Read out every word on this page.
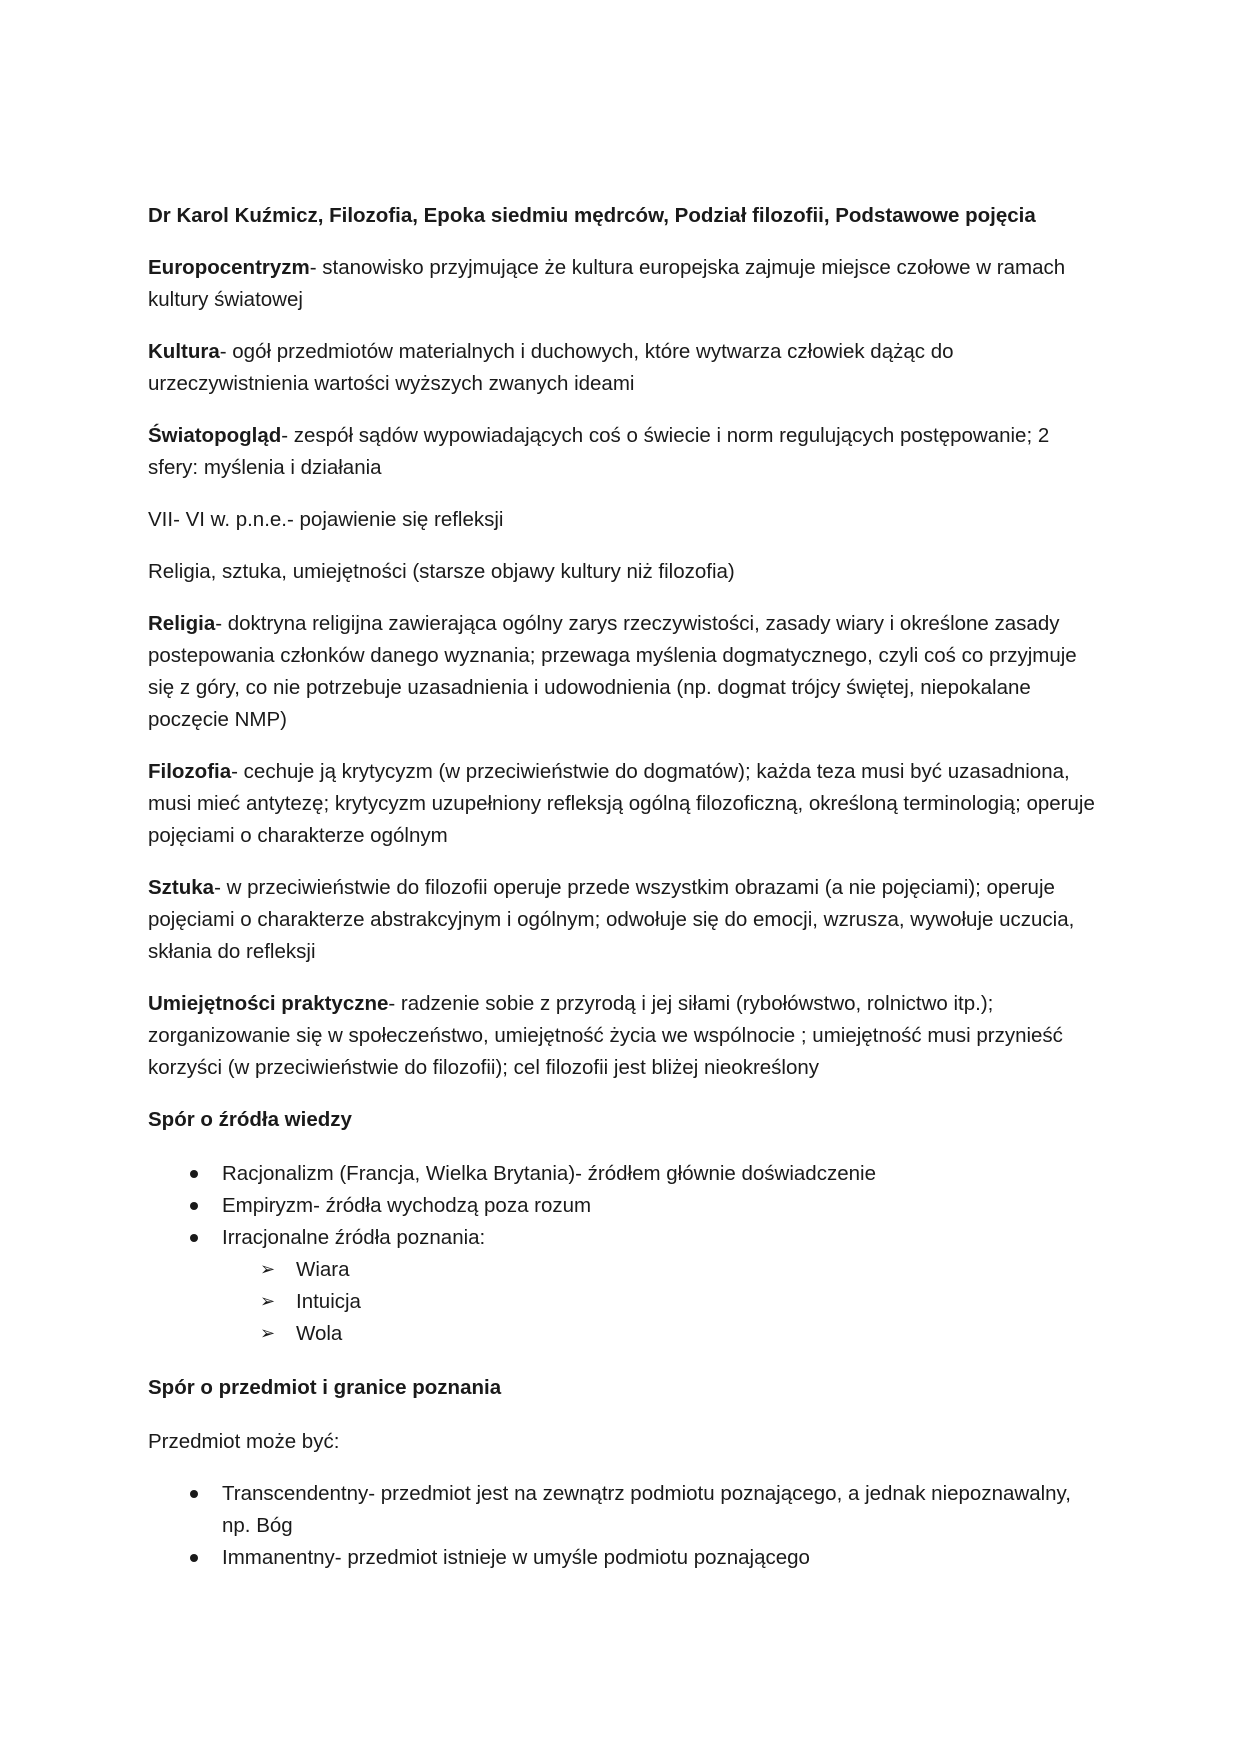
Dr Karol Kuźmicz, Filozofia, Epoka siedmiu mędrców, Podział filozofii, Podstawowe pojęcia

Europocentryzm- stanowisko przyjmujące że kultura europejska zajmuje miejsce czołowe w ramach kultury światowej

Kultura- ogół przedmiotów materialnych i duchowych, które wytwarza człowiek dążąc do urzeczywistnienia wartości wyższych zwanych ideami

Światopogląd- zespół sądów wypowiadających coś o świecie i norm regulujących postępowanie; 2 sfery: myślenia i działania

VII- VI w. p.n.e.- pojawienie się refleksji

Religia, sztuka, umiejętności (starsze objawy kultury niż filozofia)

Religia- doktryna religijna zawierająca ogólny zarys rzeczywistości, zasady wiary i określone zasady postepowania członków danego wyznania; przewaga myślenia dogmatycznego, czyli coś co przyjmuje się z góry, co nie potrzebuje uzasadnienia i udowodnienia (np. dogmat trójcy świętej, niepokalane poczęcie NMP)

Filozofia- cechuje ją krytycyzm (w przeciwieństwie do dogmatów); każda teza musi być uzasadniona, musi mieć antytezę; krytycyzm uzupełniony refleksją ogólną filozoficzną, określoną terminologią; operuje pojęciami o charakterze ogólnym

Sztuka- w przeciwieństwie do filozofii operuje przede wszystkim obrazami (a nie pojęciami); operuje pojęciami o charakterze abstrakcyjnym i ogólnym; odwołuje się do emocji, wzrusza, wywołuje uczucia, skłania do refleksji

Umiejętności praktyczne- radzenie sobie z przyrodą i jej siłami (rybołówstwo, rolnictwo itp.); zorganizowanie się w społeczeństwo, umiejętność życia we wspólnocie ; umiejętność musi przynieść korzyści (w przeciwieństwie do filozofii); cel filozofii jest bliżej nieokreślony

Spór o źródła wiedzy

Racjonalizm (Francja, Wielka Brytania)- źródłem głównie doświadczenie
Empiryzm- źródła wychodzą poza rozum
Irracjonalne źródła poznania:
➢ Wiara
➢ Intuicja
➢ Wola

Spór o przedmiot i granice poznania

Przedmiot może być:

Transcendentny- przedmiot jest na zewnątrz podmiotu poznającego, a jednak niepoznawalny, np. Bóg
Immanentny- przedmiot istnieje w umyśle podmiotu poznającego
